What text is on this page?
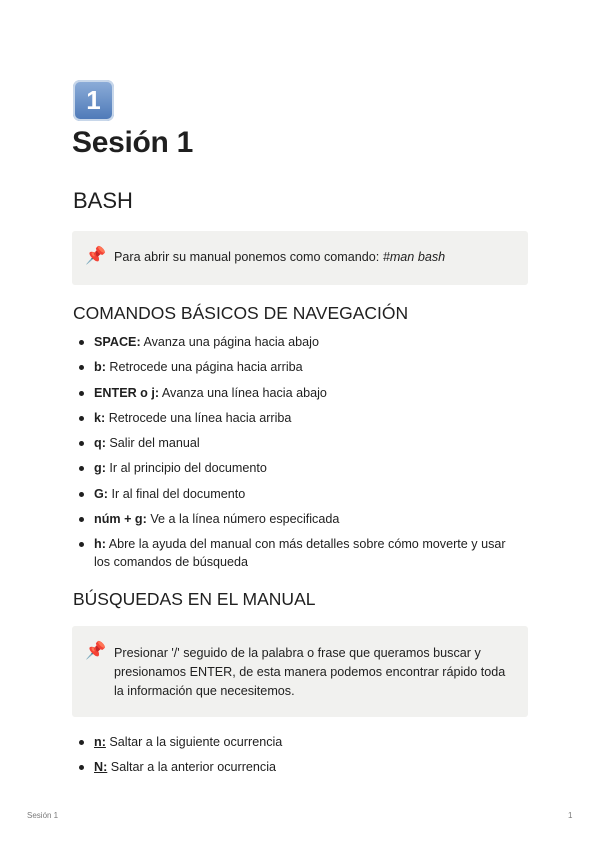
1
Sesión 1
BASH
📌 Para abrir su manual ponemos como comando: #man bash
COMANDOS BÁSICOS DE NAVEGACIÓN
SPACE: Avanza una página hacia abajo
b: Retrocede una página hacia arriba
ENTER o j: Avanza una línea hacia abajo
k: Retrocede una línea hacia arriba
q: Salir del manual
g: Ir al principio del documento
G: Ir al final del documento
núm + g: Ve a la línea número especificada
h: Abre la ayuda del manual con más detalles sobre cómo moverte y usar los comandos de búsqueda
BÚSQUEDAS EN EL MANUAL
📌 Presionar '/' seguido de la palabra o frase que queramos buscar y presionamos ENTER, de esta manera podemos encontrar rápido toda la información que necesitemos.
n: Saltar a la siguiente ocurrencia
N: Saltar a la anterior ocurrencia
Sesión 1	1
